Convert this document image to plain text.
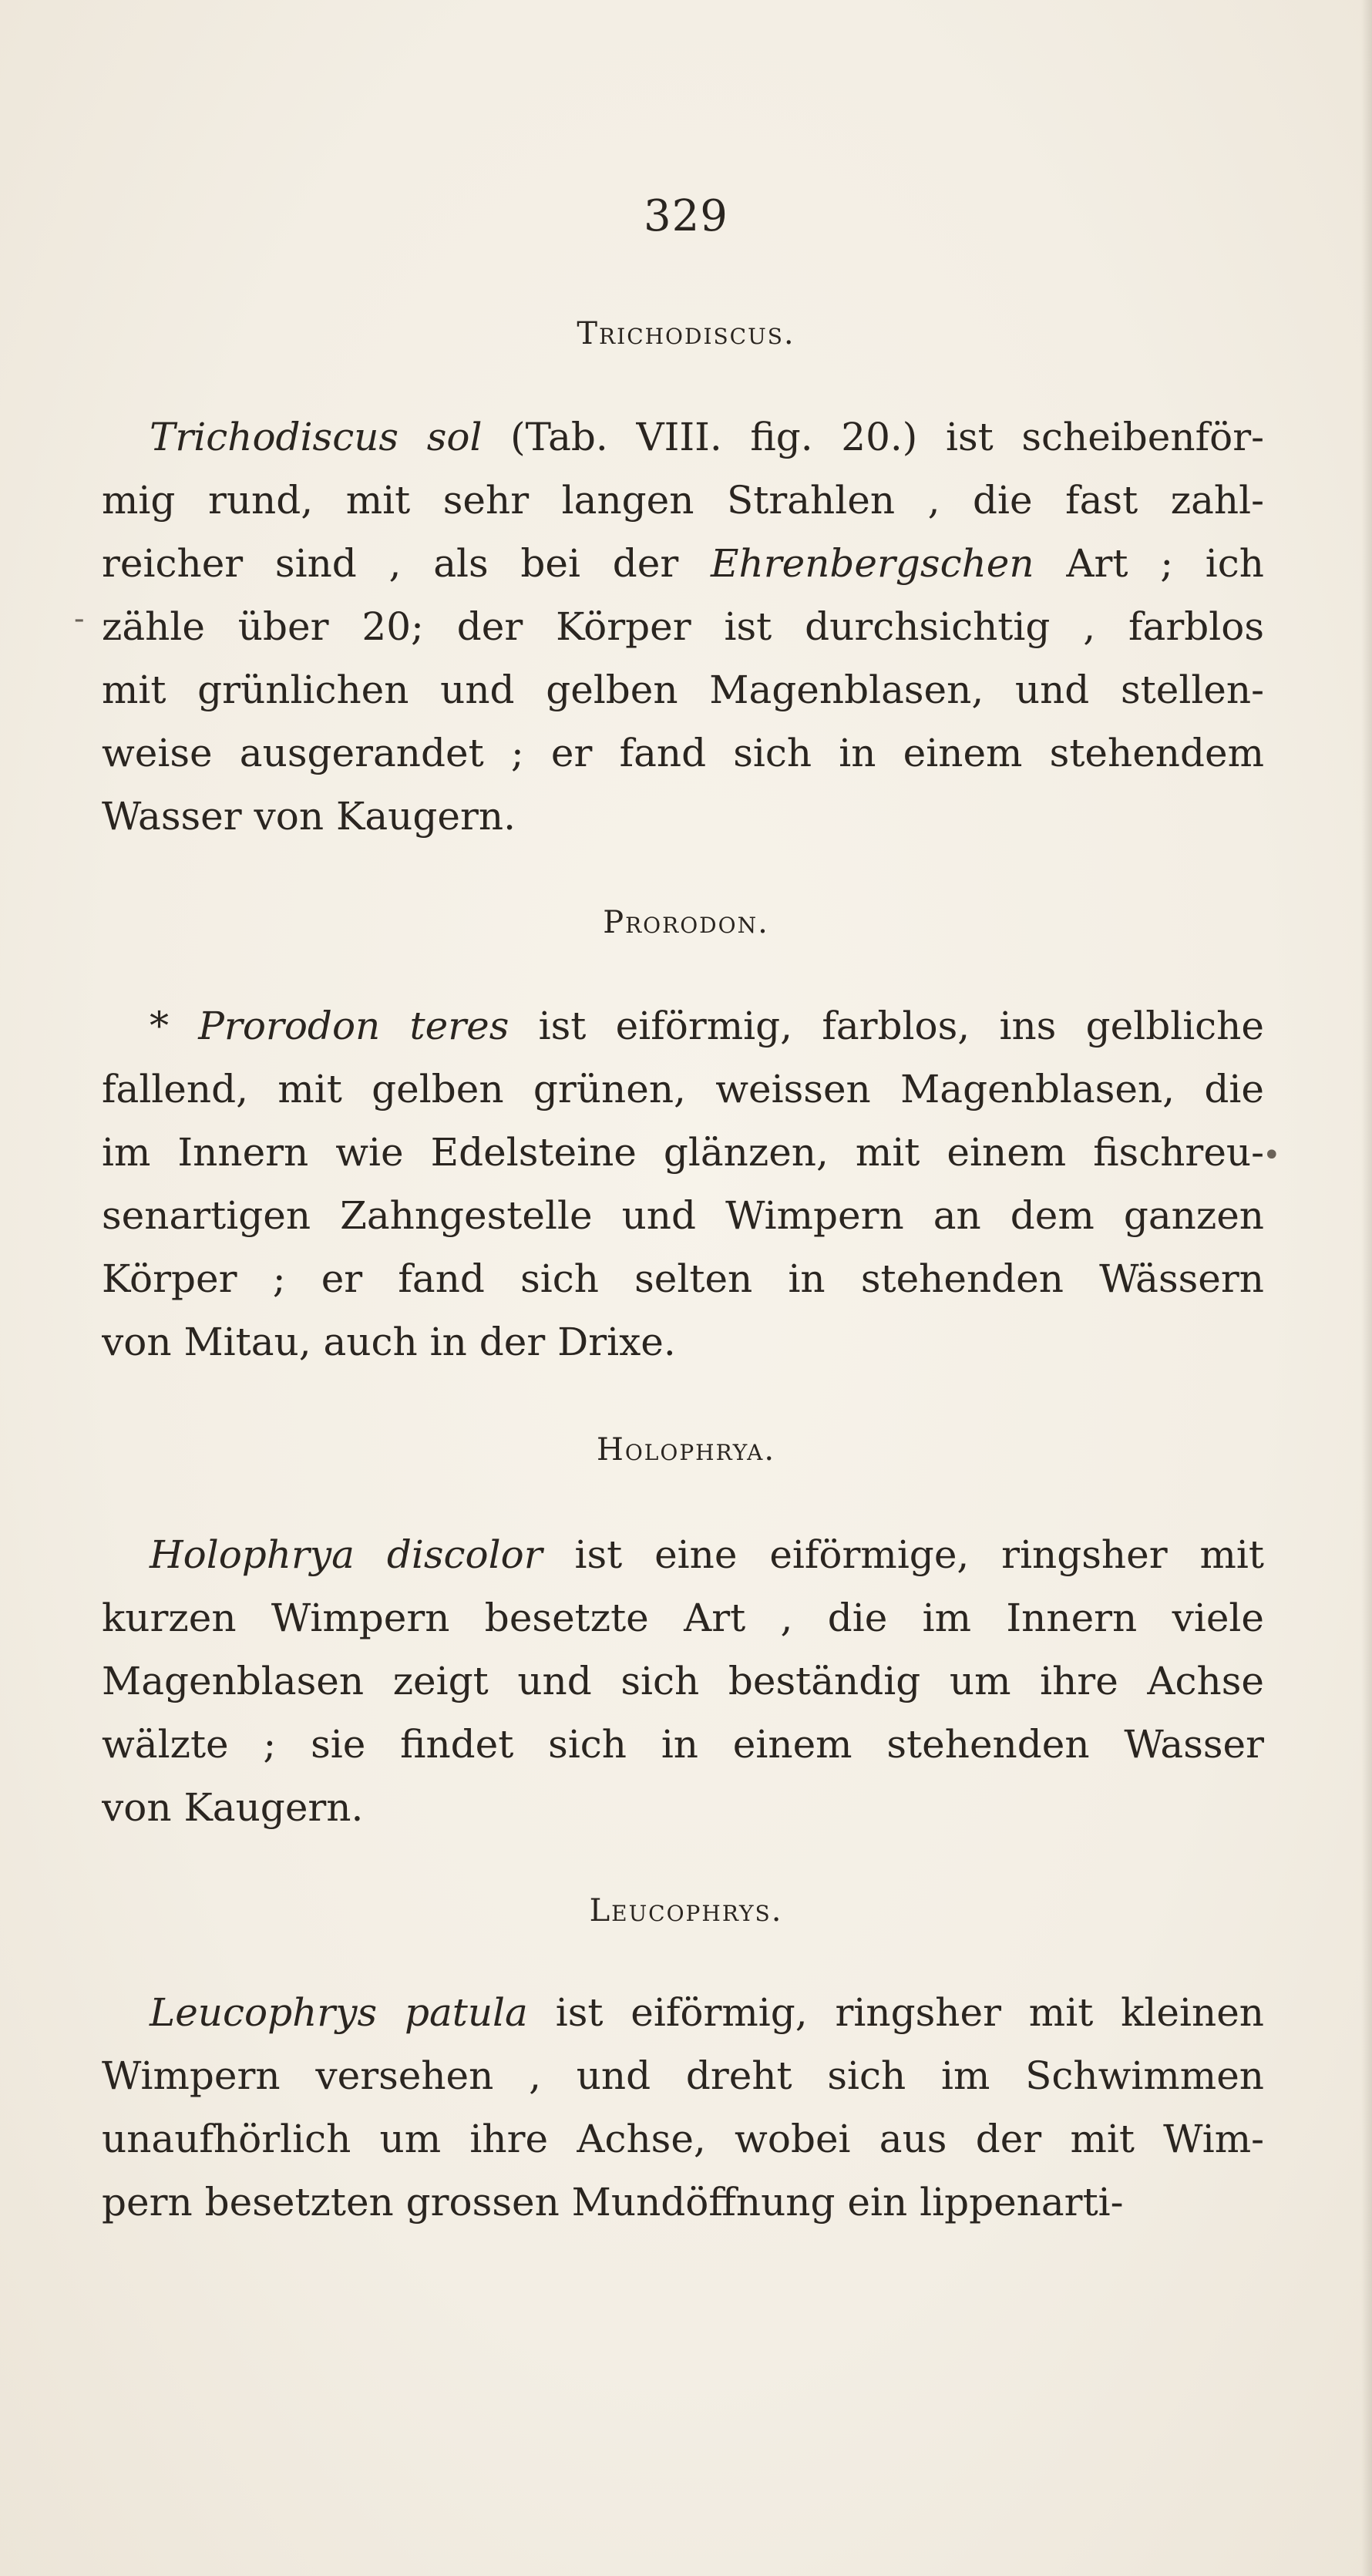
329
Trichodiscus.
Trichodiscus sol (Tab. VIII. fig. 20.) ist scheibenför-
mig rund, mit sehr langen Strahlen , die fast zahl-
reicher sind , als bei der Ehrenbergschen Art ; ich
zähle über 20; der Körper ist durchsichtig , farblos
mit grünlichen und gelben Magenblasen, und stellen-
weise ausgerandet ; er fand sich in einem stehendem
Wasser von Kaugern.
Prorodon.
* Prorodon teres ist eiförmig, farblos, ins gelbliche
fallend, mit gelben grünen, weissen Magenblasen, die
im Innern wie Edelsteine glänzen, mit einem fischreu-
senartigen Zahngestelle und Wimpern an dem ganzen
Körper ; er fand sich selten in stehenden Wässern
von Mitau, auch in der Drixe.
Holophrya.
Holophrya discolor ist eine eiförmige, ringsher mit
kurzen Wimpern besetzte Art , die im Innern viele
Magenblasen zeigt und sich beständig um ihre Achse
wälzte ; sie findet sich in einem stehenden Wasser
von Kaugern.
Leucophrys.
Leucophrys patula ist eiförmig, ringsher mit kleinen
Wimpern versehen , und dreht sich im Schwimmen
unaufhörlich um ihre Achse, wobei aus der mit Wim-
pern besetzten grossen Mundöffnung ein lippenarti-
-
•
